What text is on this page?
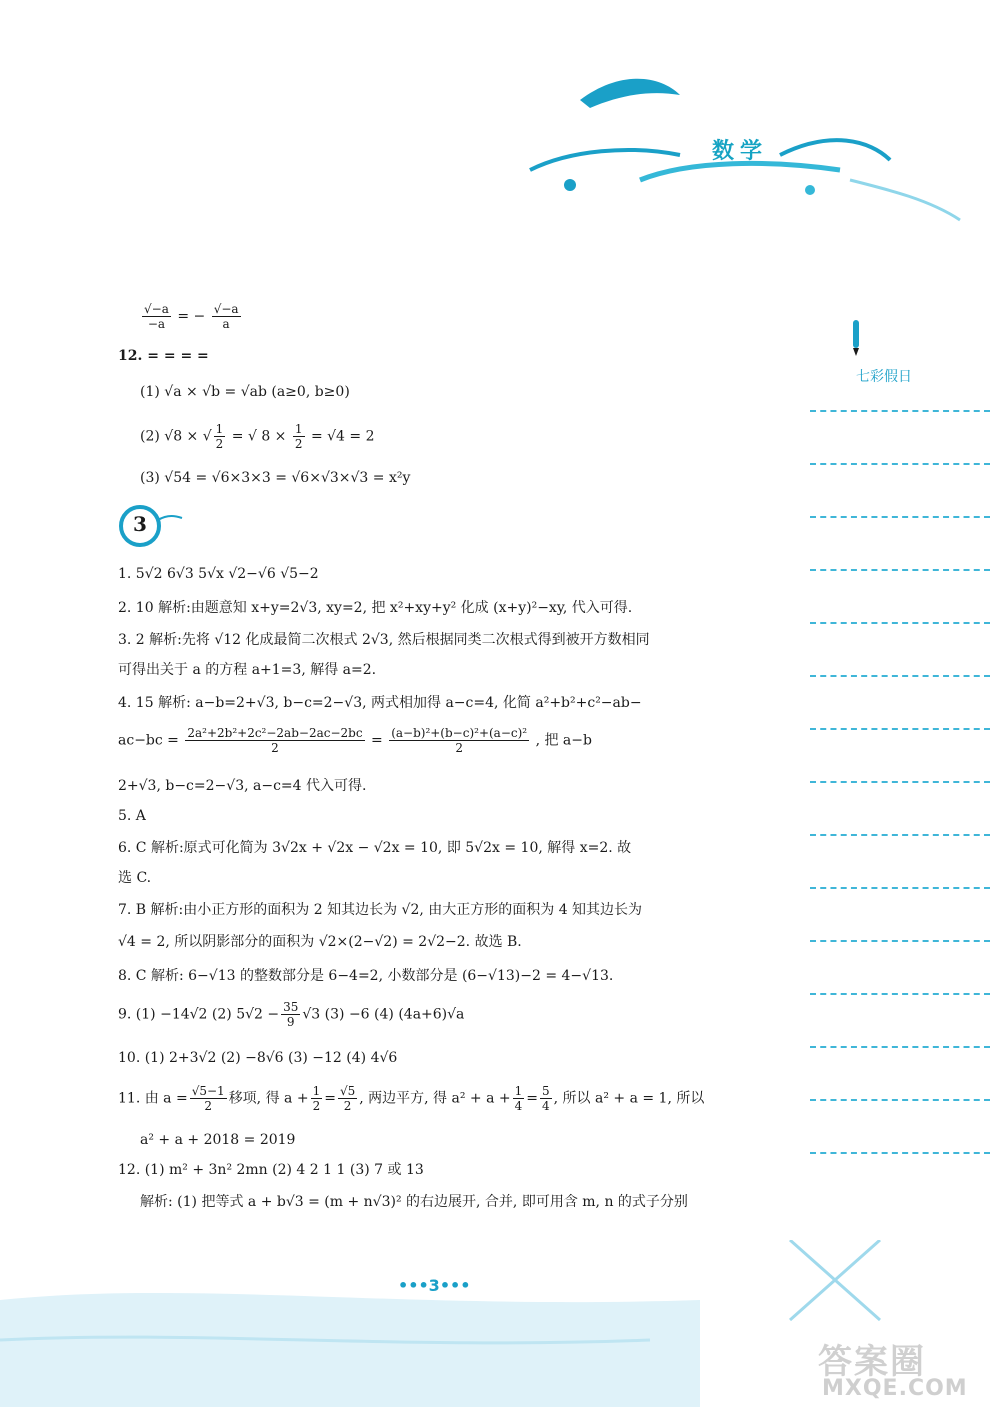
数学
七彩假日
$\frac{√-a}{-a}$ = − $\frac{√-a}{a}$
12. = = = =
(1) √a × √b = √ab (a≥0, b≥0)
(2) √8 × √ $\frac{1}{2}$ = √ $8 \times \frac{1}{2} = √4 = 2$
(3) √54 = √6×3×3 = √6×√3×√3 = x²y
3
1. 5√2 6√3 5√x √2−√6 √5−2
2. 10 解析:由题意知 x+y=2√3, xy=2, 把 x²+xy+y² 化成 (x+y)²−xy, 代入可得.
3. 2 解析:先将 √12 化成最简二次根式 2√3, 然后根据同类二次根式得到被开方数相同
可得出关于 a 的方程 a+1=3, 解得 a=2.
4. 15 解析: a−b=2+√3, b−c=2−√3, 两式相加得 a−c=4, 化简 a²+b²+c²−ab−
$ac-bc = \frac{\text{2a²+2b²+2c²−2ab−2ac−2bc}}{2} = \frac{\text{(a−b)²+(b−c)²+(a−c)²}}{2}$ , 把 a−b
2+√3, b−c=2−√3, a−c=4 代入可得.
5. A
6. C 解析:原式可化简为 3√2x + √2x − √2x = 10, 即 5√2x = 10, 解得 x=2. 故
选 C.
7. B 解析:由小正方形的面积为 2 知其边长为 √2, 由大正方形的面积为 4 知其边长为
√4 = 2, 所以阴影部分的面积为 √2×(2−√2) = 2√2−2. 故选 B.
8. C 解析: 6−√13 的整数部分是 6−4=2, 小数部分是 (6−√13)−2 = 4−√13.
9. (1) −14√2 (2) $5√2 - \frac{35}{9} √3$ (3) −6 (4) (4a+6)√a
10. (1) 2+3√2 (2) −8√6 (3) −12 (4) 4√6
11. 由 $a = \frac{√5-1}{2}$ 移项, 得 $a + \frac{1}{2} = \frac{√5}{2}$ , 两边平方, 得 $a^2 + a + \frac{1}{4} = \frac{5}{4}$ , 所以 a² + a = 1, 所以
a² + a + 2018 = 2019
12. (1) m² + 3n² 2mn (2) 4 2 1 1 (3) 7 或 13
解析: (1) 把等式 a + b√3 = (m + n√3)² 的右边展开, 合并, 即可用含 m, n 的式子分别
•••3•••
答案圈
MXQE.COM
